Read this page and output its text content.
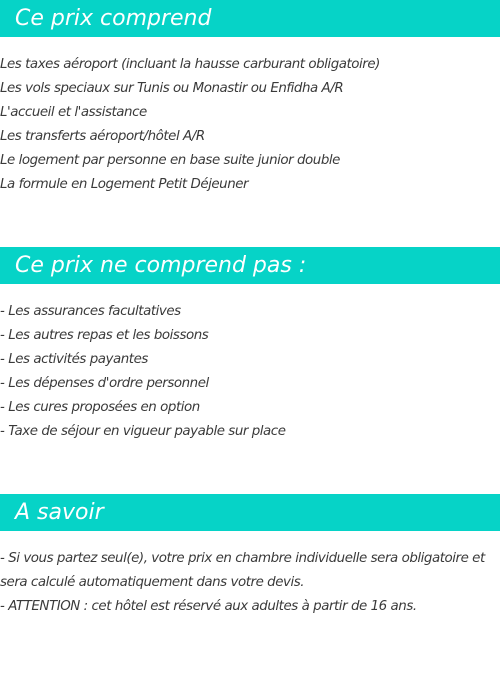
Ce prix comprend
Les taxes aéroport (incluant la hausse carburant obligatoire)
Les vols speciaux sur Tunis ou Monastir ou Enfidha A/R
L'accueil et l'assistance
Les transferts aéroport/hôtel A/R
Le logement par personne en base suite junior double
La formule en Logement Petit Déjeuner
Ce prix ne comprend pas :
- Les assurances facultatives
- Les autres repas et les boissons
- Les activités payantes
- Les dépenses d'ordre personnel
- Les cures proposées en option
- Taxe de séjour en vigueur payable sur place
A savoir
- Si vous partez seul(e), votre prix en chambre individuelle sera obligatoire et
sera calculé automatiquement dans votre devis.
- ATTENTION : cet hôtel est réservé aux adultes à partir de 16 ans.
